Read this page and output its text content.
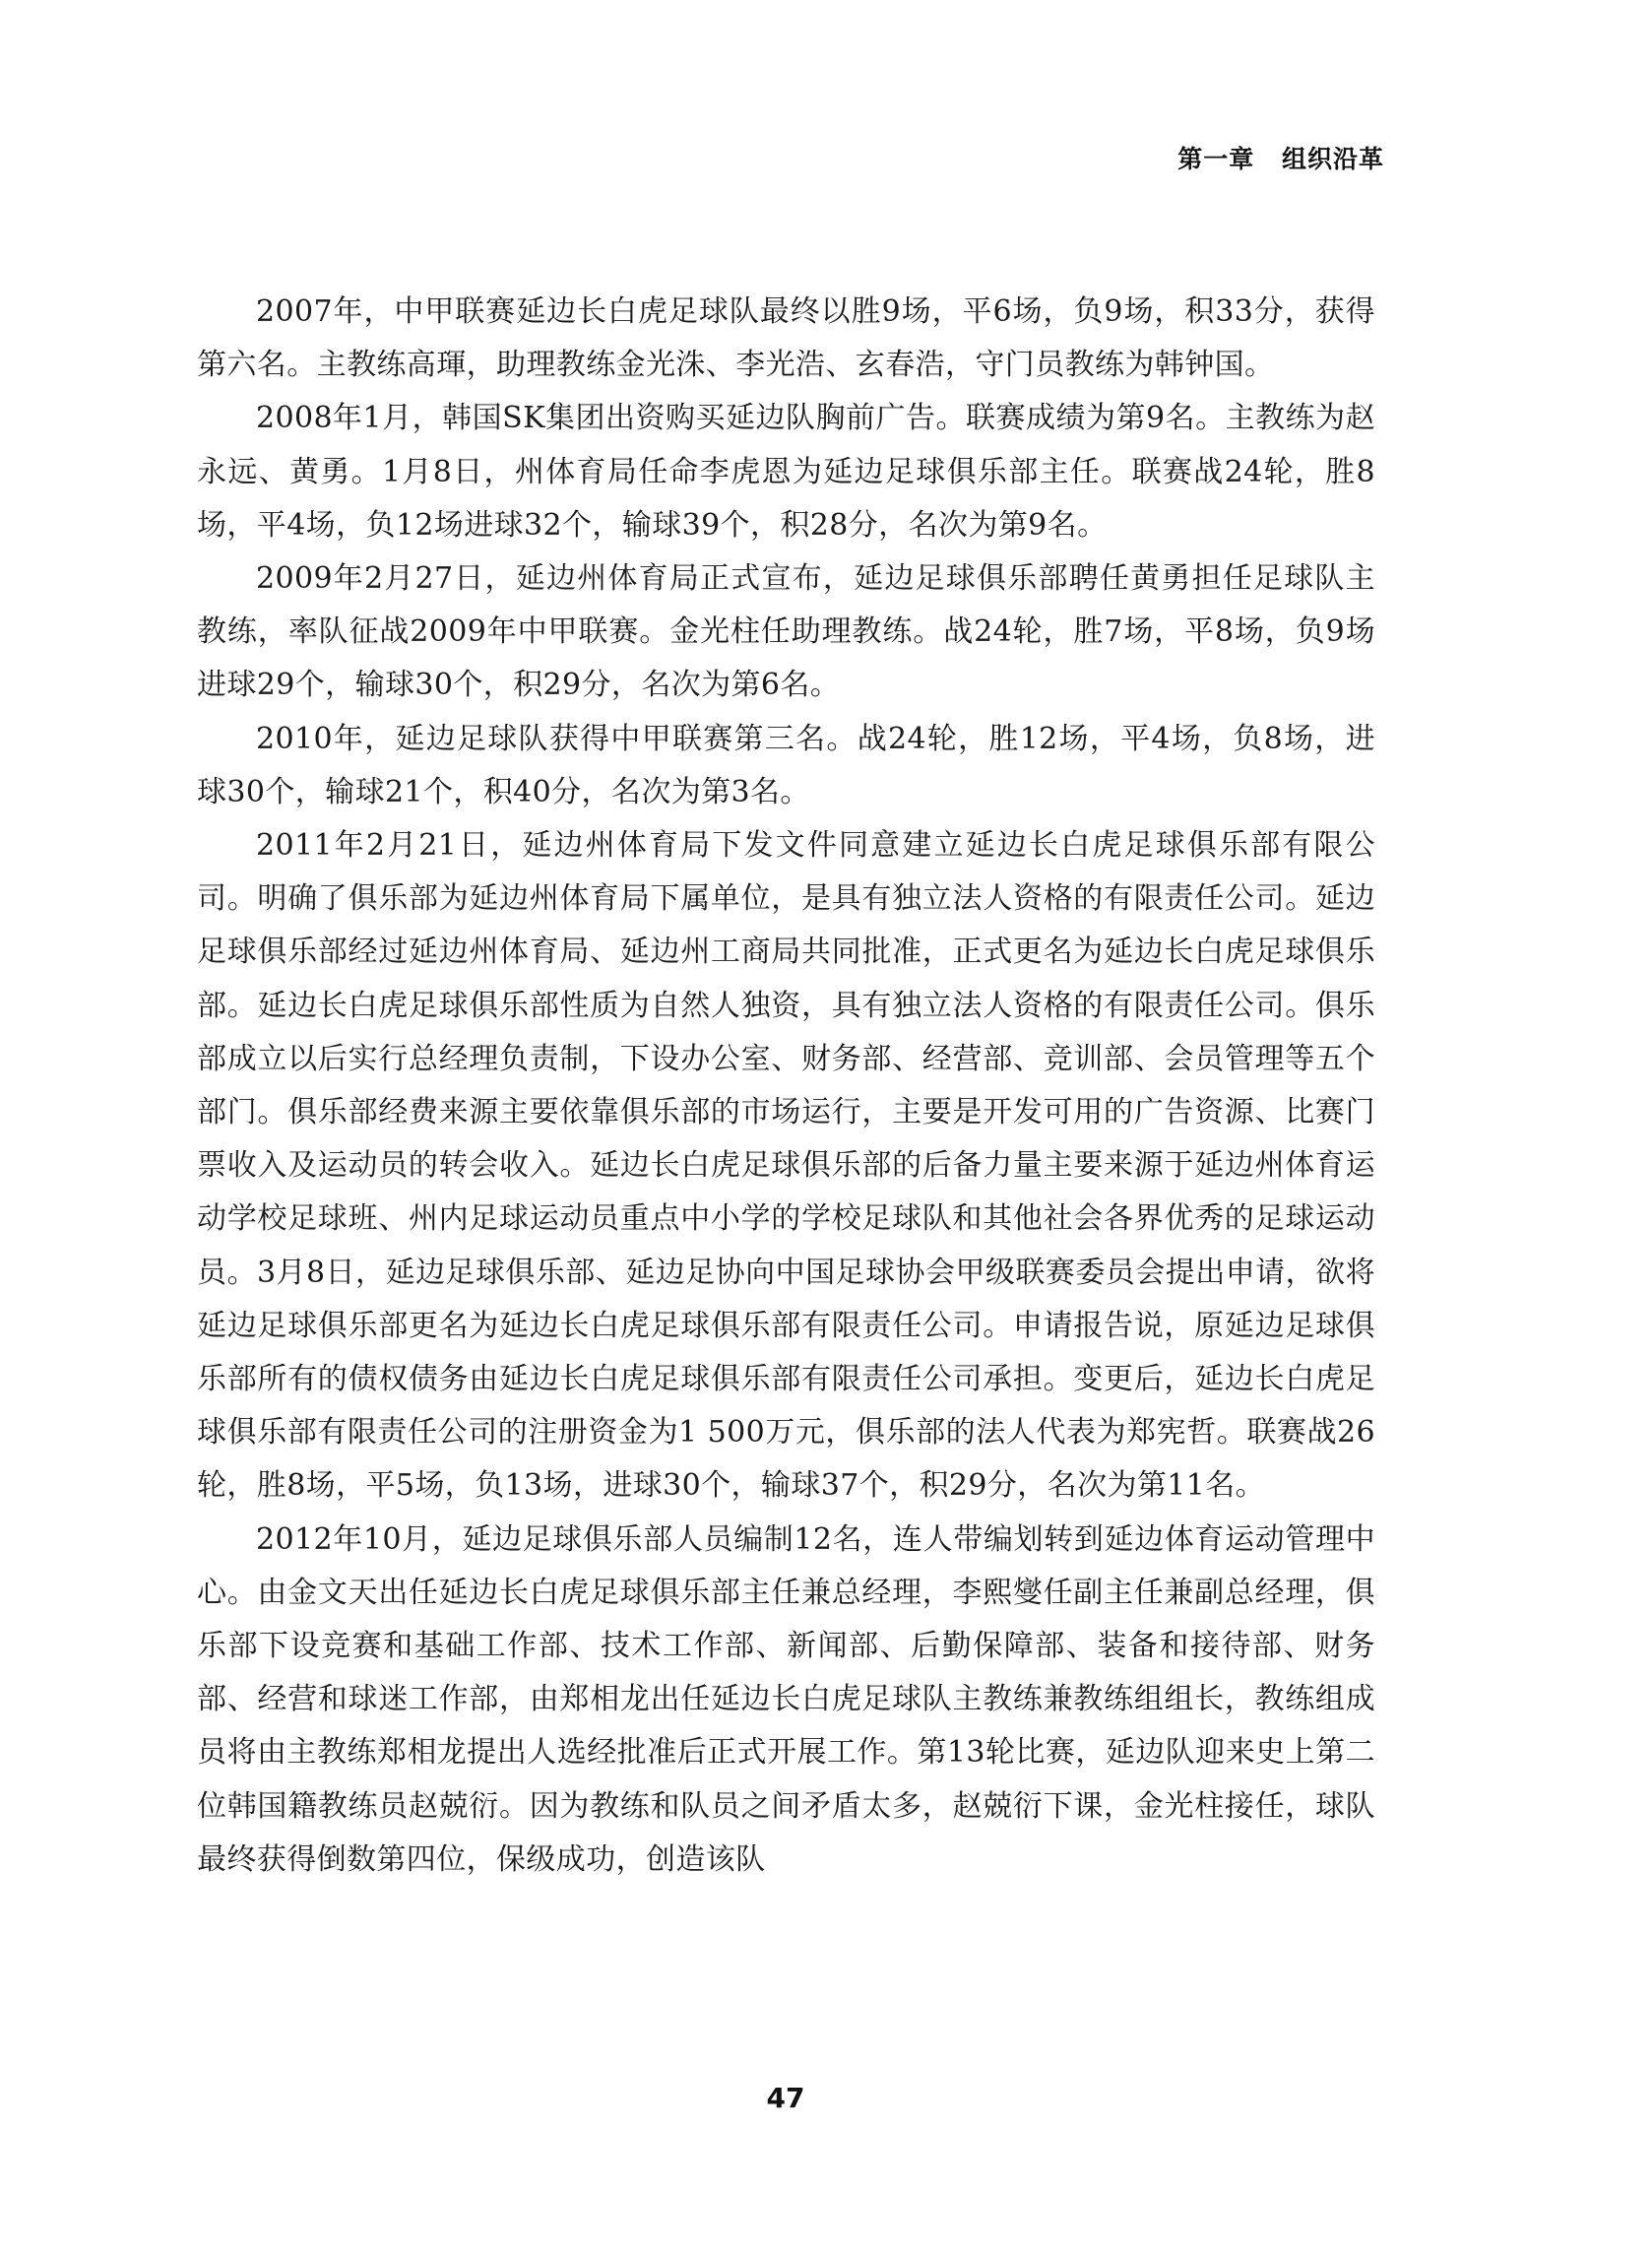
第一章 组织沿革

2007年，中甲联赛延边长白虎足球队最终以胜9场，平6场，负9场，积33分，获得第六名。主教练高琿，助理教练金光洙、李光浩、玄春浩，守门员教练为韩钟国。

2008年1月，韩国SK集团出资购买延边队胸前广告。联赛成绩为第9名。主教练为赵永远、黄勇。1月8日，州体育局任命李虎恩为延边足球俱乐部主任。联赛战24轮，胜8场，平4场，负12场进球32个，输球39个，积28分，名次为第9名。

2009年2月27日，延边州体育局正式宣布，延边足球俱乐部聘任黄勇担任足球队主教练，率队征战2009年中甲联赛。金光柱任助理教练。战24轮，胜7场，平8场，负9场进球29个，输球30个，积29分，名次为第6名。

2010年，延边足球队获得中甲联赛第三名。战24轮，胜12场，平4场，负8场，进球30个，输球21个，积40分，名次为第3名。

2011年2月21日，延边州体育局下发文件同意建立延边长白虎足球俱乐部有限公司。明确了俱乐部为延边州体育局下属单位，是具有独立法人资格的有限责任公司。延边足球俱乐部经过延边州体育局、延边州工商局共同批准，正式更名为延边长白虎足球俱乐部。延边长白虎足球俱乐部性质为自然人独资，具有独立法人资格的有限责任公司。俱乐部成立以后实行总经理负责制，下设办公室、财务部、经营部、竞训部、会员管理等五个部门。俱乐部经费来源主要依靠俱乐部的市场运行，主要是开发可用的广告资源、比赛门票收入及运动员的转会收入。延边长白虎足球俱乐部的后备力量主要来源于延边州体育运动学校足球班、州内足球运动员重点中小学的学校足球队和其他社会各界优秀的足球运动员。3月8日，延边足球俱乐部、延边足协向中国足球协会甲级联赛委员会提出申请，欲将延边足球俱乐部更名为延边长白虎足球俱乐部有限责任公司。申请报告说，原延边足球俱乐部所有的债权债务由延边长白虎足球俱乐部有限责任公司承担。变更后，延边长白虎足球俱乐部有限责任公司的注册资金为1 500万元，俱乐部的法人代表为郑宪哲。联赛战26轮，胜8场，平5场，负13场，进球30个，输球37个，积29分，名次为第11名。

2012年10月，延边足球俱乐部人员编制12名，连人带编划转到延边体育运动管理中心。由金文天出任延边长白虎足球俱乐部主任兼总经理，李熙燮任副主任兼副总经理，俱乐部下设竞赛和基础工作部、技术工作部、新闻部、后勤保障部、装备和接待部、财务部、经营和球迷工作部，由郑相龙出任延边长白虎足球队主教练兼教练组组长，教练组成员将由主教练郑相龙提出人选经批准后正式开展工作。第13轮比赛，延边队迎来史上第二位韩国籍教练员赵兢衍。因为教练和队员之间矛盾太多，赵兢衍下课，金光柱接任，球队最终获得倒数第四位，保级成功，创造该队

47
